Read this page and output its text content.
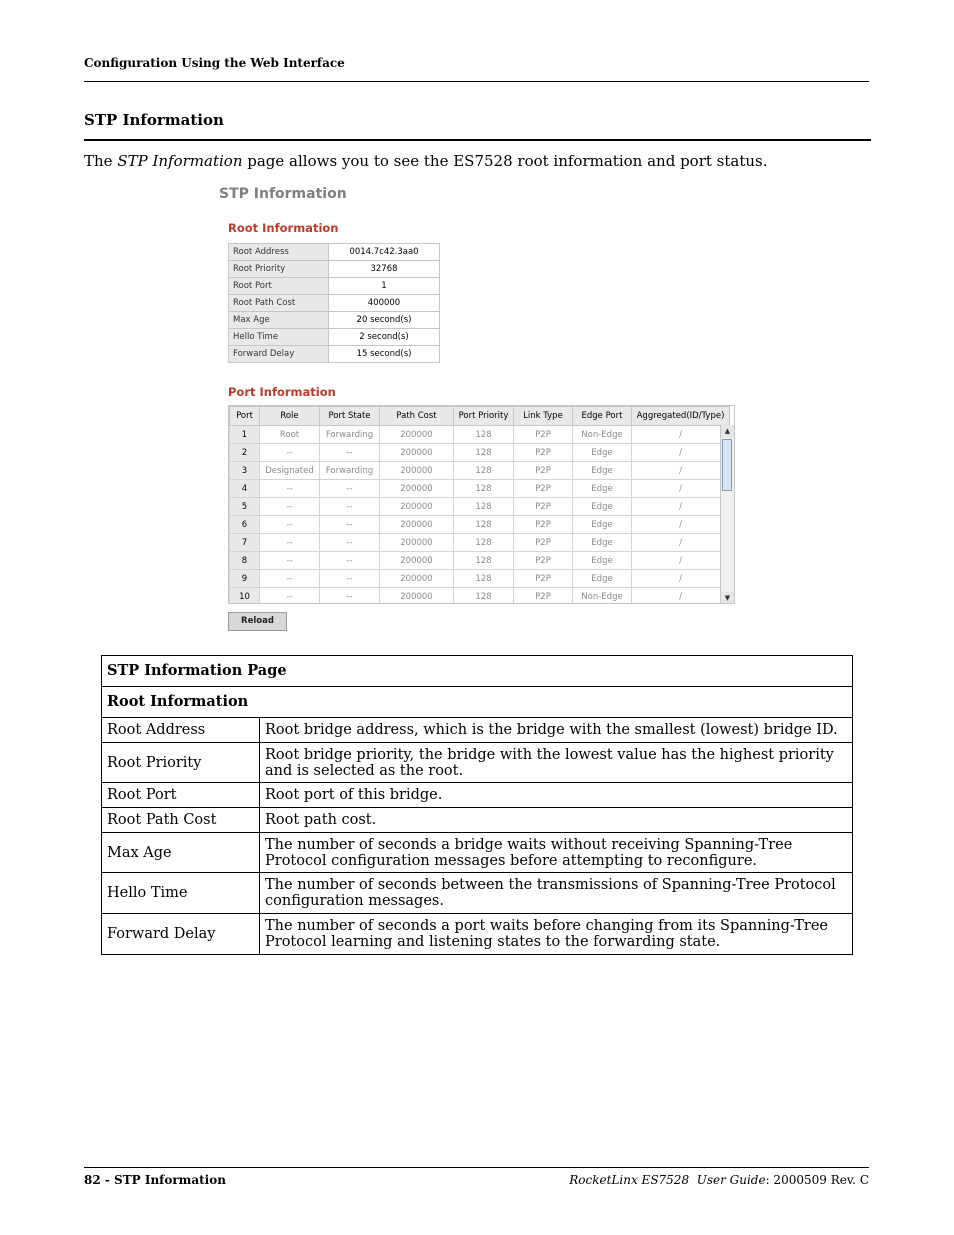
Configuration Using the Web Interface
STP Information
The STP Information page allows you to see the ES7528 root information and port status.
STP Information
Root Information
Root Address	0014.7c42.3aa0
Root Priority	32768
Root Port	1
Root Path Cost	400000
Max Age	20 second(s)
Hello Time	2 second(s)
Forward Delay	15 second(s)
Port Information
Port	Role	Port State	Path Cost	Port Priority	Link Type	Edge Port	Aggregated(ID/Type)
1	Root	Forwarding	200000	128	P2P	Non-Edge	/
2	--	--	200000	128	P2P	Edge	/
3	Designated	Forwarding	200000	128	P2P	Edge	/
4	--	--	200000	128	P2P	Edge	/
5	--	--	200000	128	P2P	Edge	/
6	--	--	200000	128	P2P	Edge	/
7	--	--	200000	128	P2P	Edge	/
8	--	--	200000	128	P2P	Edge	/
9	--	--	200000	128	P2P	Edge	/
10	--	--	200000	128	P2P	Non-Edge	/
▲
▼
Reload
STP Information Page	
Root Information	
Root Address	Root bridge address, which is the bridge with the smallest (lowest) bridge ID.
Root Priority	Root bridge priority, the bridge with the lowest value has the highest priority and is selected as the root.
Root Port	Root port of this bridge.
Root Path Cost	Root path cost.
Max Age	The number of seconds a bridge waits without receiving Spanning-Tree Protocol configuration messages before attempting to reconfigure.
Hello Time	The number of seconds between the transmissions of Spanning-Tree Protocol configuration messages.
Forward Delay	The number of seconds a port waits before changing from its Spanning-Tree Protocol learning and listening states to the forwarding state.
82 - STP Information	RocketLinx ES7528  User Guide: 2000509 Rev. C
